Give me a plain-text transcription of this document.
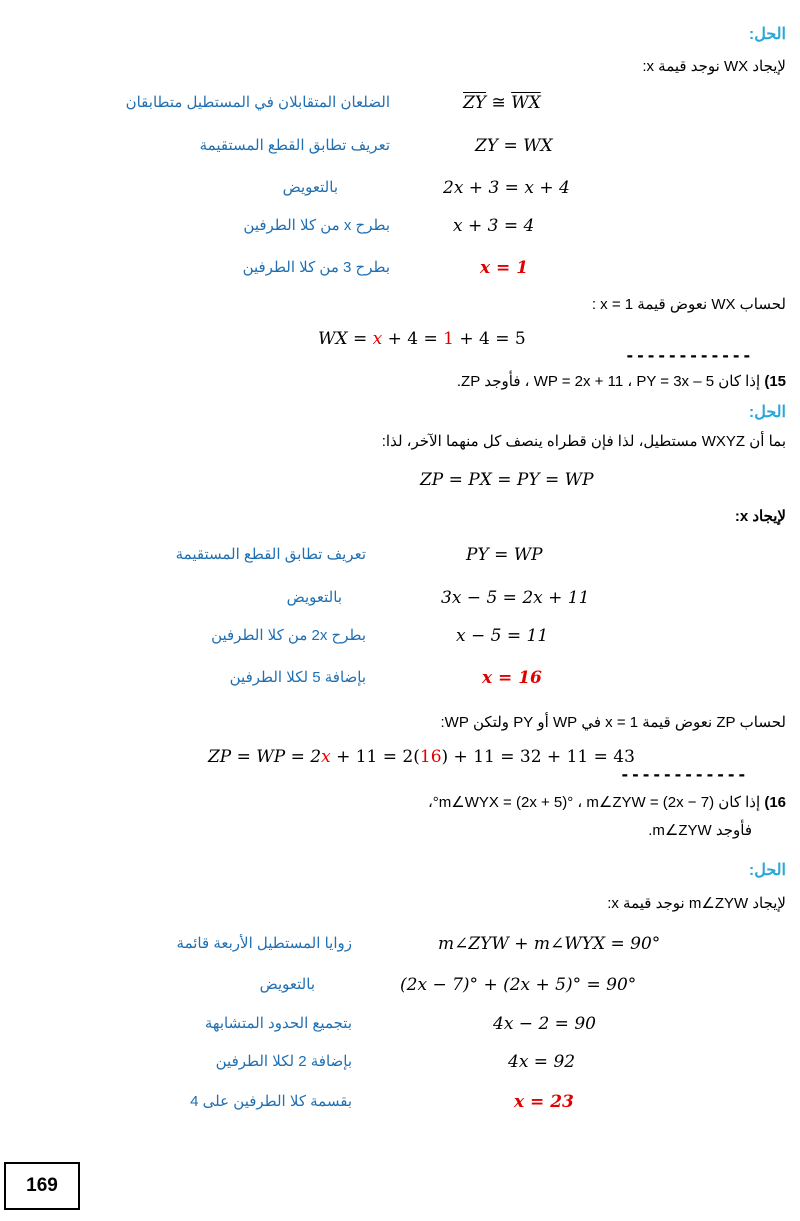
الحل:
لإيجاد WX نوجد قيمة x:
$\overline{ZY}$ ≅ $\overline{WX}$
الضلعان المتقابلان في المستطيل متطابقان
ZY = WX
تعريف تطابق القطع المستقيمة
2x + 3 = x + 4
بالتعويض
x + 3 = 4
بطرح x من كلا الطرفين
x = 1
بطرح 3 من كلا الطرفين
لحساب WX نعوض قيمة x = 1 :
WX = x + 4 = 1 + 4 = 5
------------
15) إذا كان WP = 2x + 11 ، PY = 3x – 5 ، فأوجد ZP.
الحل:
بما أن WXYZ مستطيل، لذا فإن قطراه ينصف كل منهما الآخر، لذا:
ZP = PX = PY = WP
لإيجاد x:
PY = WP
تعريف تطابق القطع المستقيمة
3x − 5 = 2x + 11
بالتعويض
x − 5 = 11
بطرح 2x من كلا الطرفين
x = 16
بإضافة 5 لكلا الطرفين
لحساب ZP نعوض قيمة x = 1 في WP أو PY ولتكن WP:
ZP = WP = 2x + 11 = 2(16) + 11 = 32 + 11 = 43
------------
16) إذا كان m∠WYX = (2x + 5)° ، m∠ZYW = (2x − 7)°،
فأوجد m∠ZYW.
الحل:
لإيجاد m∠ZYW نوجد قيمة x:
m∠ZYW + m∠WYX = 90°
زوايا المستطيل الأربعة قائمة
(2x − 7)° + (2x + 5)° = 90°
بالتعويض
4x − 2 = 90
بتجميع الحدود المتشابهة
4x = 92
بإضافة 2 لكلا الطرفين
x = 23
بقسمة كلا الطرفين على 4
169
